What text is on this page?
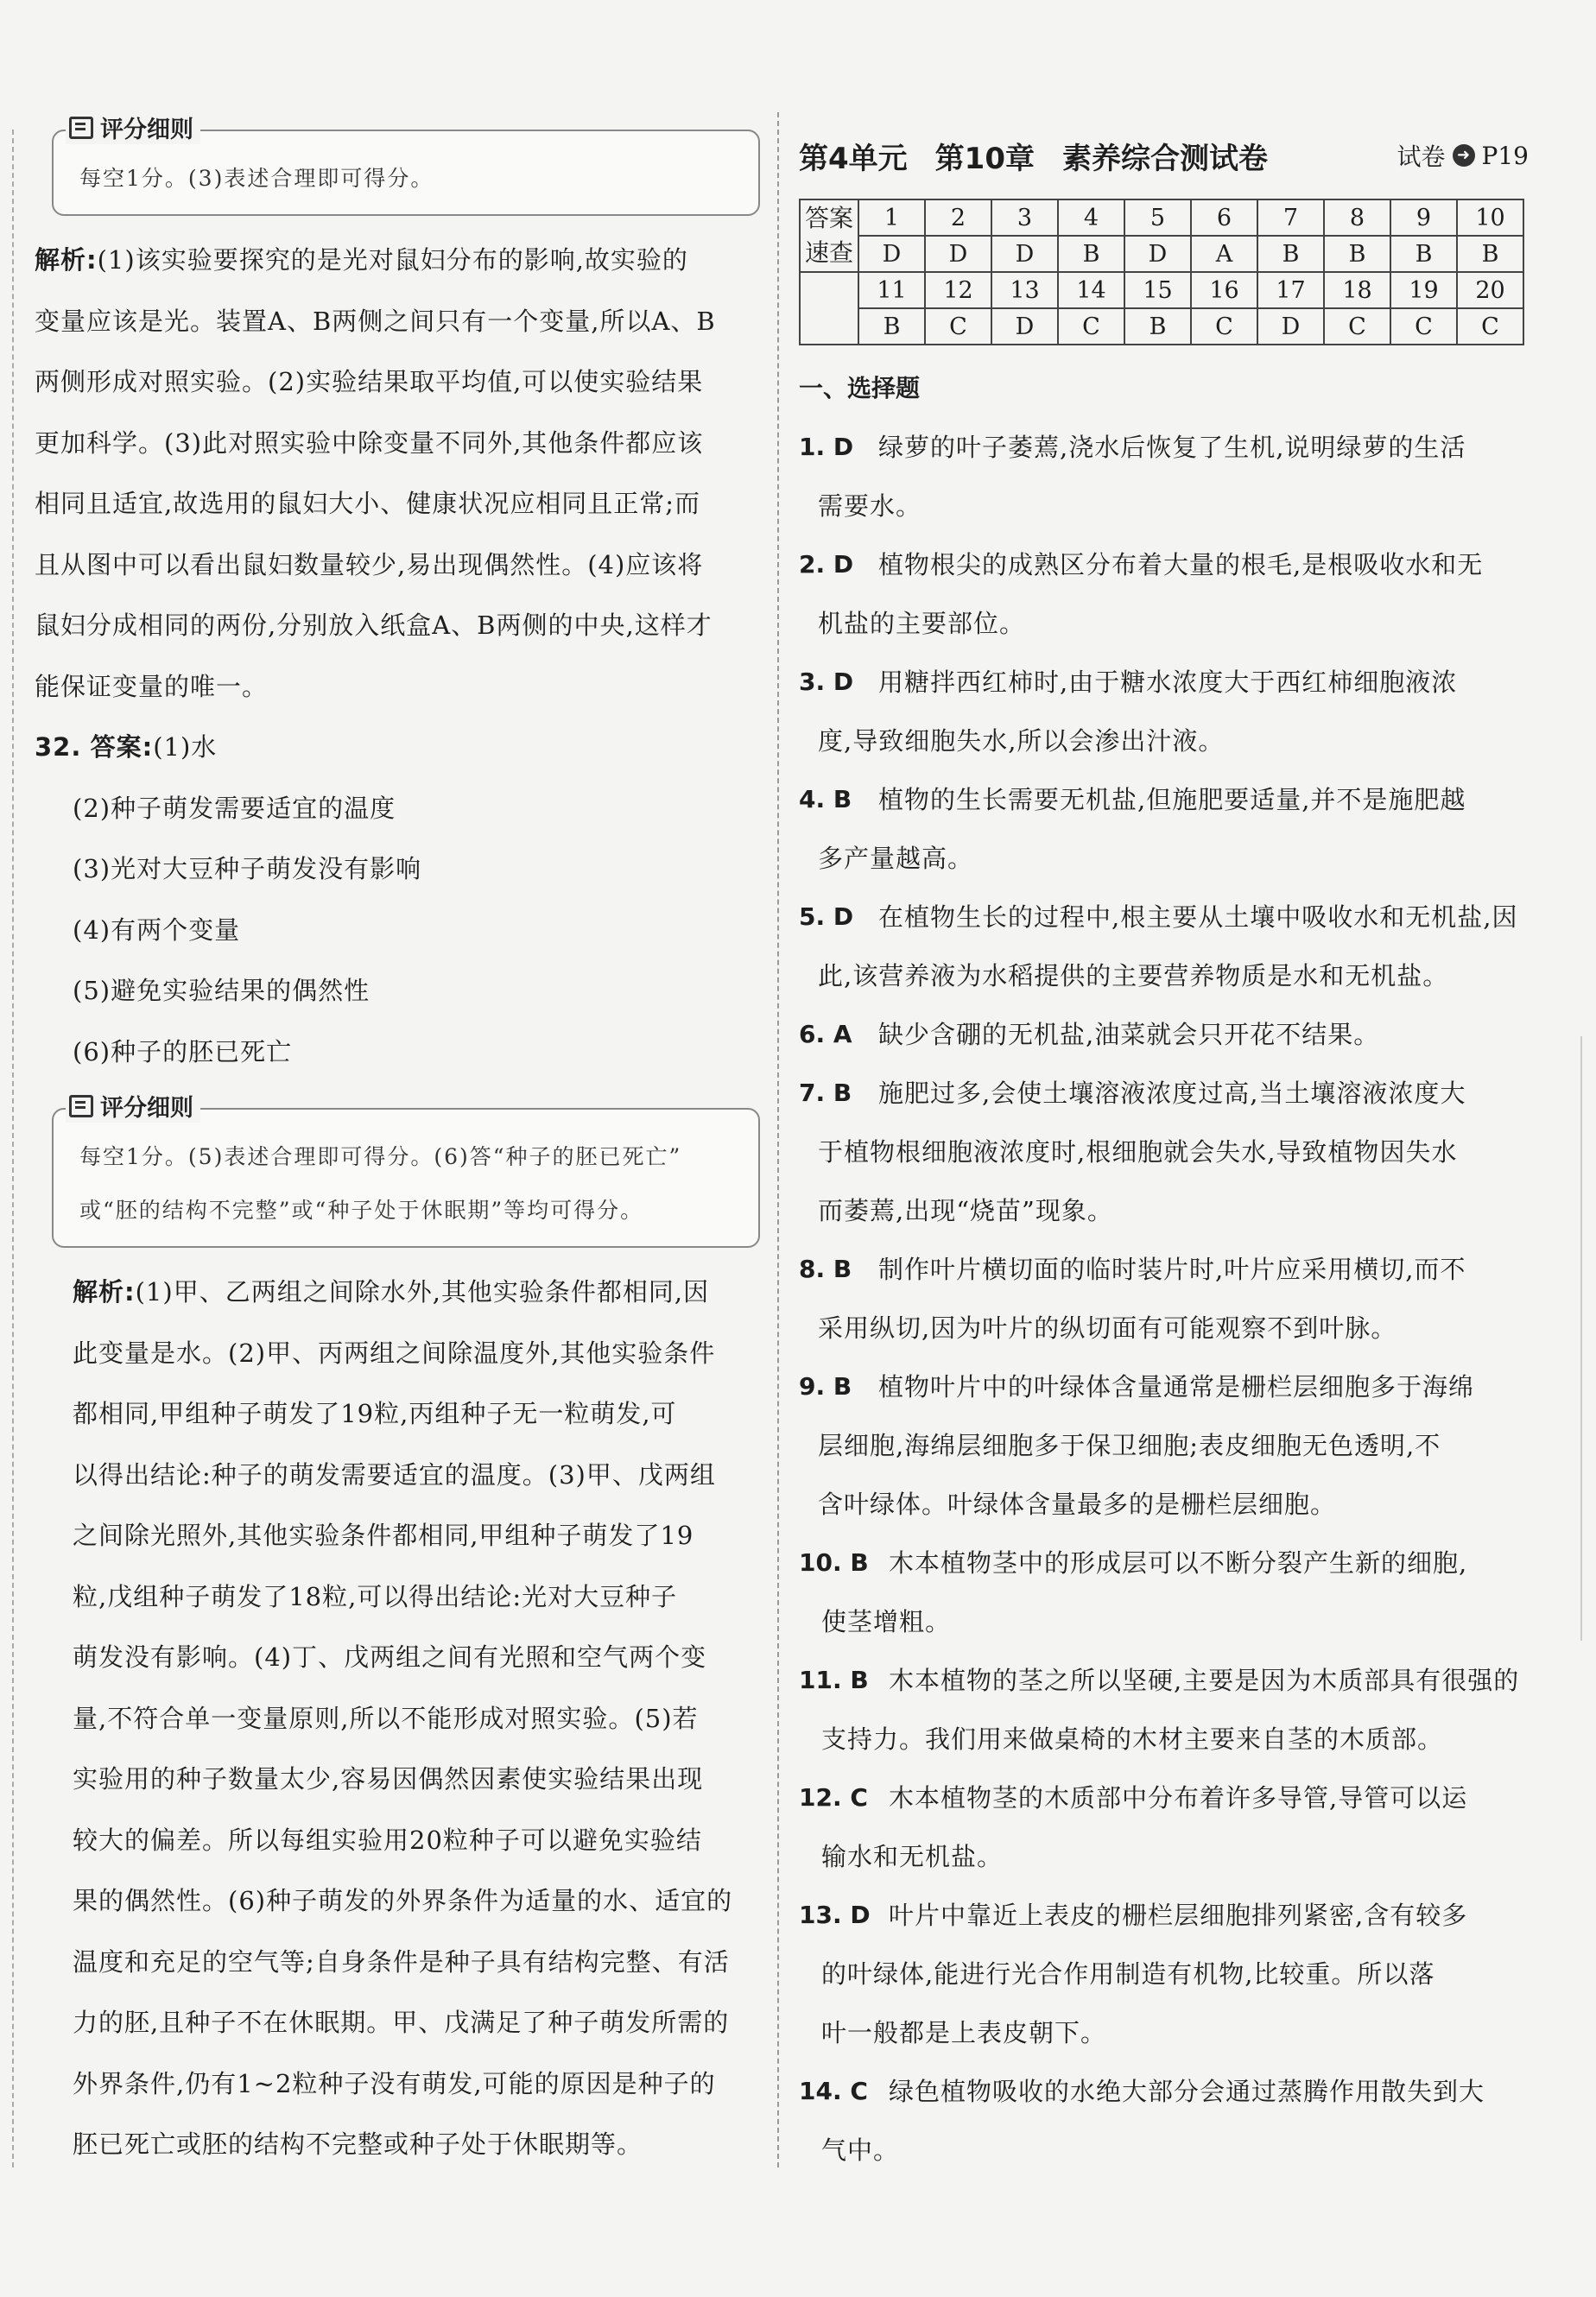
评分细则
每空1分。(3)表述合理即可得分。

解析:(1)该实验要探究的是光对鼠妇分布的影响,故实验的

变量应该是光。装置A、B两侧之间只有一个变量,所以A、B

两侧形成对照实验。(2)实验结果取平均值,可以使实验结果

更加科学。(3)此对照实验中除变量不同外,其他条件都应该

相同且适宜,故选用的鼠妇大小、健康状况应相同且正常;而

且从图中可以看出鼠妇数量较少,易出现偶然性。(4)应该将

鼠妇分成相同的两份,分别放入纸盒A、B两侧的中央,这样才

能保证变量的唯一。

32. 答案:(1)水

(2)种子萌发需要适宜的温度

(3)光对大豆种子萌发没有影响

(4)有两个变量

(5)避免实验结果的偶然性

(6)种子的胚已死亡

评分细则
每空1分。(5)表述合理即可得分。(6)答“种子的胚已死亡”
或“胚的结构不完整”或“种子处于休眠期”等均可得分。

解析:(1)甲、乙两组之间除水外,其他实验条件都相同,因

此变量是水。(2)甲、丙两组之间除温度外,其他实验条件

都相同,甲组种子萌发了19粒,丙组种子无一粒萌发,可

以得出结论:种子的萌发需要适宜的温度。(3)甲、戊两组

之间除光照外,其他实验条件都相同,甲组种子萌发了19

粒,戊组种子萌发了18粒,可以得出结论:光对大豆种子

萌发没有影响。(4)丁、戊两组之间有光照和空气两个变

量,不符合单一变量原则,所以不能形成对照实验。(5)若

实验用的种子数量太少,容易因偶然因素使实验结果出现

较大的偏差。所以每组实验用20粒种子可以避免实验结

果的偶然性。(6)种子萌发的外界条件为适量的水、适宜的

温度和充足的空气等;自身条件是种子具有结构完整、有活

力的胚,且种子不在休眠期。甲、戊满足了种子萌发所需的

外界条件,仍有1~2粒种子没有萌发,可能的原因是种子的

胚已死亡或胚的结构不完整或种子处于休眠期等。

第4单元 第10章 素养综合测试卷	试卷 ➜ P19
答案
速查	1	2	3	4	5	6	7	8	9	10
	D	D	D	B	D	A	B	B	B	B
	11	12	13	14	15	16	17	18	19	20
	B	C	D	C	B	C	D	C	C	C
一、选择题
1. D 绿萝的叶子萎蔫,浇水后恢复了生机,说明绿萝的生活

需要水。

2. D 植物根尖的成熟区分布着大量的根毛,是根吸收水和无

机盐的主要部位。

3. D 用糖拌西红柿时,由于糖水浓度大于西红柿细胞液浓

度,导致细胞失水,所以会渗出汁液。

4. B	植物的生长需要无机盐,但施肥要适量,并不是施肥越

多产量越高。

5. D 在植物生长的过程中,根主要从土壤中吸收水和无机盐,因

此,该营养液为水稻提供的主要营养物质是水和无机盐。

6. A	缺少含硼的无机盐,油菜就会只开花不结果。

7. B	施肥过多,会使土壤溶液浓度过高,当土壤溶液浓度大

于植物根细胞液浓度时,根细胞就会失水,导致植物因失水

而萎蔫,出现“烧苗”现象。

8. B	制作叶片横切面的临时装片时,叶片应采用横切,而不

采用纵切,因为叶片的纵切面有可能观察不到叶脉。

9. B	植物叶片中的叶绿体含量通常是栅栏层细胞多于海绵

层细胞,海绵层细胞多于保卫细胞;表皮细胞无色透明,不

含叶绿体。叶绿体含量最多的是栅栏层细胞。

10. B 木本植物茎中的形成层可以不断分裂产生新的细胞,

使茎增粗。

11. B 木本植物的茎之所以坚硬,主要是因为木质部具有很强的

支持力。我们用来做桌椅的木材主要来自茎的木质部。

12. C 木本植物茎的木质部中分布着许多导管,导管可以运

输水和无机盐。

13. D 叶片中靠近上表皮的栅栏层细胞排列紧密,含有较多

的叶绿体,能进行光合作用制造有机物,比较重。所以落

叶一般都是上表皮朝下。

14. C 绿色植物吸收的水绝大部分会通过蒸腾作用散失到大

气中。
